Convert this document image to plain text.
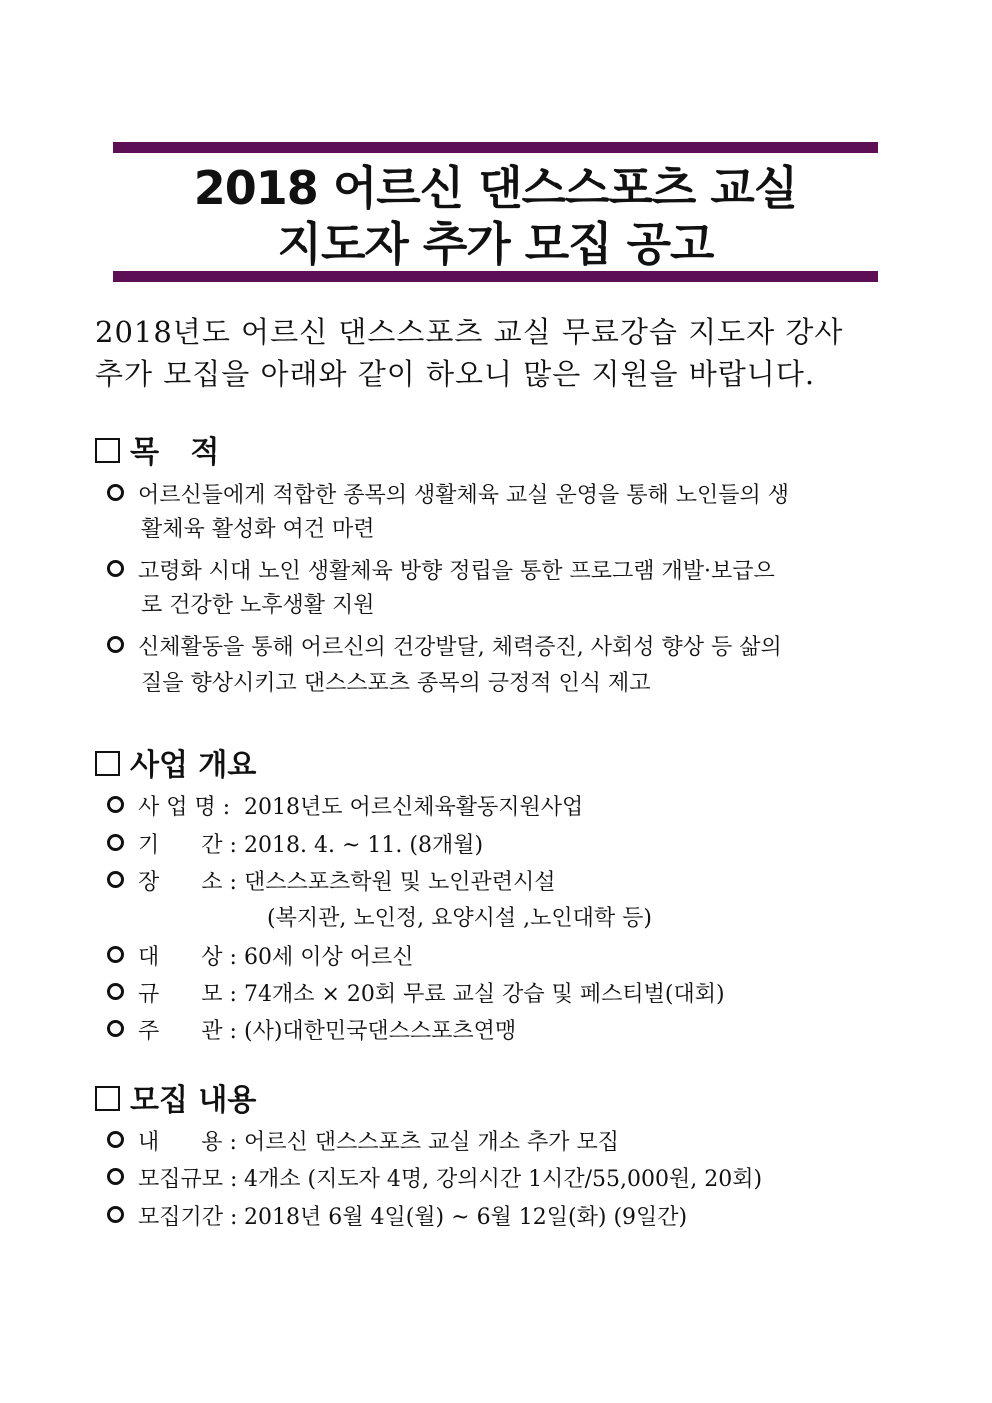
2018 어르신 댄스스포츠 교실
지도자 추가 모집 공고
2018년도 어르신 댄스스포츠 교실 무료강습 지도자 강사
추가 모집을 아래와 같이 하오니 많은 지원을 바랍니다.
목   적
어르신들에게 적합한 종목의 생활체육 교실 운영을 통해 노인들의 생
활체육 활성화 여건 마련
고령화 시대 노인 생활체육 방향 정립을 통한 프로그램 개발·보급으
로 건강한 노후생활 지원
신체활동을 통해 어르신의 건강발달, 체력증진, 사회성 향상 등 삶의
질을 향상시키고 댄스스포츠 종목의 긍정적 인식 제고
사업 개요
사 업 명 : 2018년도 어르신체육활동지원사업
기      간 : 2018. 4. ~ 11. (8개월)
장      소 : 댄스스포츠학원 및 노인관련시설
(복지관, 노인정, 요양시설 ,노인대학 등)
대      상 : 60세 이상 어르신
규      모 : 74개소 × 20회 무료 교실 강습 및 페스티벌(대회)
주      관 : (사)대한민국댄스스포츠연맹
모집 내용
내      용 : 어르신 댄스스포츠 교실 개소 추가 모집
모집규모 : 4개소 (지도자 4명, 강의시간 1시간/55,000원, 20회)
모집기간 : 2018년 6월 4일(월) ~ 6월 12일(화) (9일간)
